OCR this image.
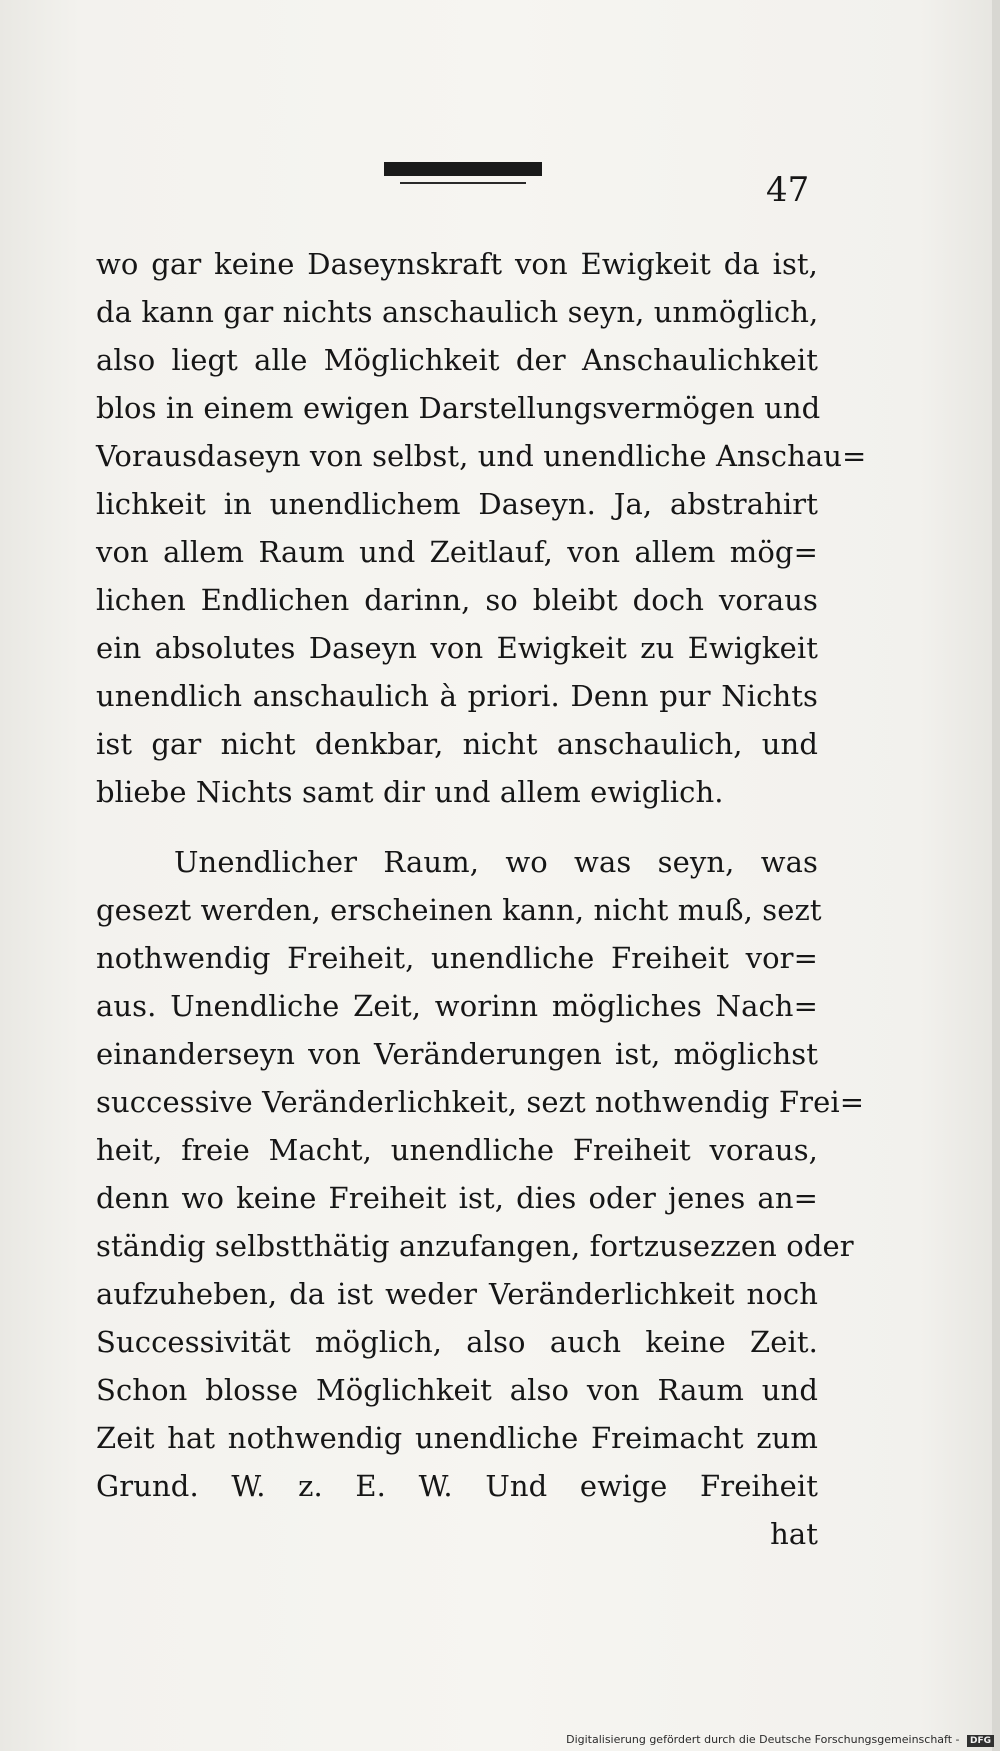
47
wo gar keine Daseynskraft von Ewigkeit da ist,
da kann gar nichts anschaulich seyn, unmöglich,
also liegt alle Möglichkeit der Anschaulichkeit
blos in einem ewigen Darstellungsvermögen und
Vorausdaseyn von selbst, und unendliche Anschau=
lichkeit in unendlichem Daseyn. Ja, abstrahirt
von allem Raum und Zeitlauf, von allem mög=
lichen Endlichen darinn, so bleibt doch voraus
ein absolutes Daseyn von Ewigkeit zu Ewigkeit
unendlich anschaulich à priori. Denn pur Nichts
ist gar nicht denkbar, nicht anschaulich, und
bliebe Nichts samt dir und allem ewiglich.
Unendlicher Raum, wo was seyn, was
gesezt werden, erscheinen kann, nicht muß, sezt
nothwendig Freiheit, unendliche Freiheit vor=
aus. Unendliche Zeit, worinn mögliches Nach=
einanderseyn von Veränderungen ist, möglichst
successive Veränderlichkeit, sezt nothwendig Frei=
heit, freie Macht, unendliche Freiheit voraus,
denn wo keine Freiheit ist, dies oder jenes an=
ständig selbstthätig anzufangen, fortzusezzen oder
aufzuheben, da ist weder Veränderlichkeit noch
Successivität möglich, also auch keine Zeit.
Schon blosse Möglichkeit also von Raum und
Zeit hat nothwendig unendliche Freimacht zum
Grund. W. z. E. W. Und ewige Freiheit
hat
Digitalisierung gefördert durch die Deutsche Forschungsgemeinschaft - DFG
